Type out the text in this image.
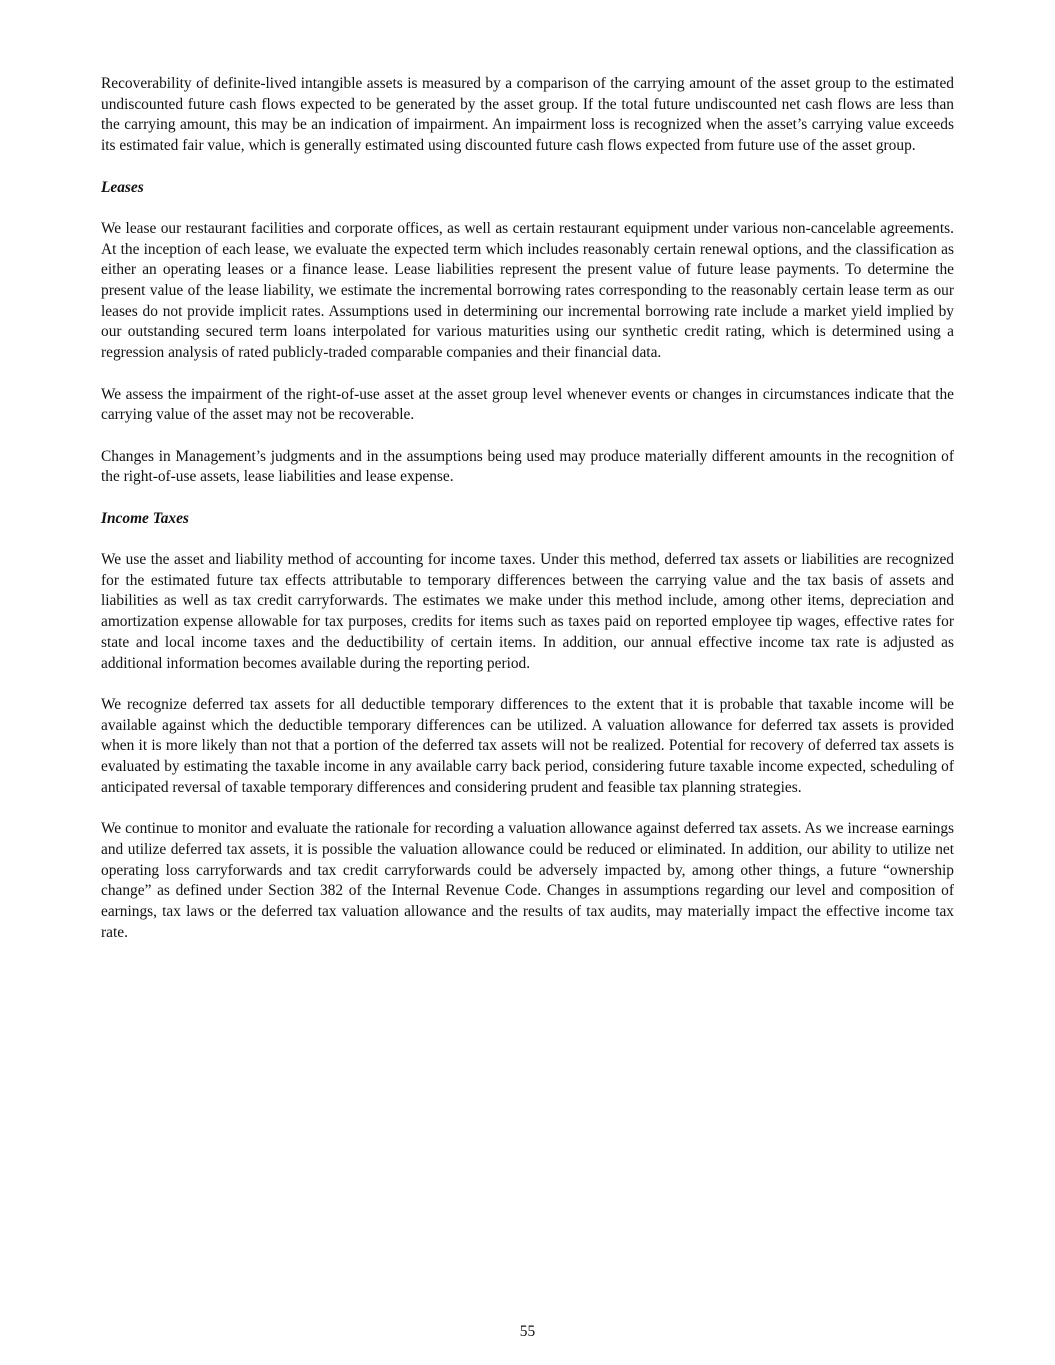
Recoverability of definite-lived intangible assets is measured by a comparison of the carrying amount of the asset group to the estimated undiscounted future cash flows expected to be generated by the asset group. If the total future undiscounted net cash flows are less than the carrying amount, this may be an indication of impairment. An impairment loss is recognized when the asset’s carrying value exceeds its estimated fair value, which is generally estimated using discounted future cash flows expected from future use of the asset group.

Leases

We lease our restaurant facilities and corporate offices, as well as certain restaurant equipment under various non-cancelable agreements. At the inception of each lease, we evaluate the expected term which includes reasonably certain renewal options, and the classification as either an operating leases or a finance lease. Lease liabilities represent the present value of future lease payments. To determine the present value of the lease liability, we estimate the incremental borrowing rates corresponding to the reasonably certain lease term as our leases do not provide implicit rates. Assumptions used in determining our incremental borrowing rate include a market yield implied by our outstanding secured term loans interpolated for various maturities using our synthetic credit rating, which is determined using a regression analysis of rated publicly-traded comparable companies and their financial data.

We assess the impairment of the right-of-use asset at the asset group level whenever events or changes in circumstances indicate that the carrying value of the asset may not be recoverable.

Changes in Management’s judgments and in the assumptions being used may produce materially different amounts in the recognition of the right-of-use assets, lease liabilities and lease expense.

Income Taxes

We use the asset and liability method of accounting for income taxes. Under this method, deferred tax assets or liabilities are recognized for the estimated future tax effects attributable to temporary differences between the carrying value and the tax basis of assets and liabilities as well as tax credit carryforwards. The estimates we make under this method include, among other items, depreciation and amortization expense allowable for tax purposes, credits for items such as taxes paid on reported employee tip wages, effective rates for state and local income taxes and the deductibility of certain items. In addition, our annual effective income tax rate is adjusted as additional information becomes available during the reporting period.

We recognize deferred tax assets for all deductible temporary differences to the extent that it is probable that taxable income will be available against which the deductible temporary differences can be utilized. A valuation allowance for deferred tax assets is provided when it is more likely than not that a portion of the deferred tax assets will not be realized. Potential for recovery of deferred tax assets is evaluated by estimating the taxable income in any available carry back period, considering future taxable income expected, scheduling of anticipated reversal of taxable temporary differences and considering prudent and feasible tax planning strategies.

We continue to monitor and evaluate the rationale for recording a valuation allowance against deferred tax assets. As we increase earnings and utilize deferred tax assets, it is possible the valuation allowance could be reduced or eliminated. In addition, our ability to utilize net operating loss carryforwards and tax credit carryforwards could be adversely impacted by, among other things, a future “ownership change” as defined under Section 382 of the Internal Revenue Code. Changes in assumptions regarding our level and composition of earnings, tax laws or the deferred tax valuation allowance and the results of tax audits, may materially impact the effective income tax rate.

55
